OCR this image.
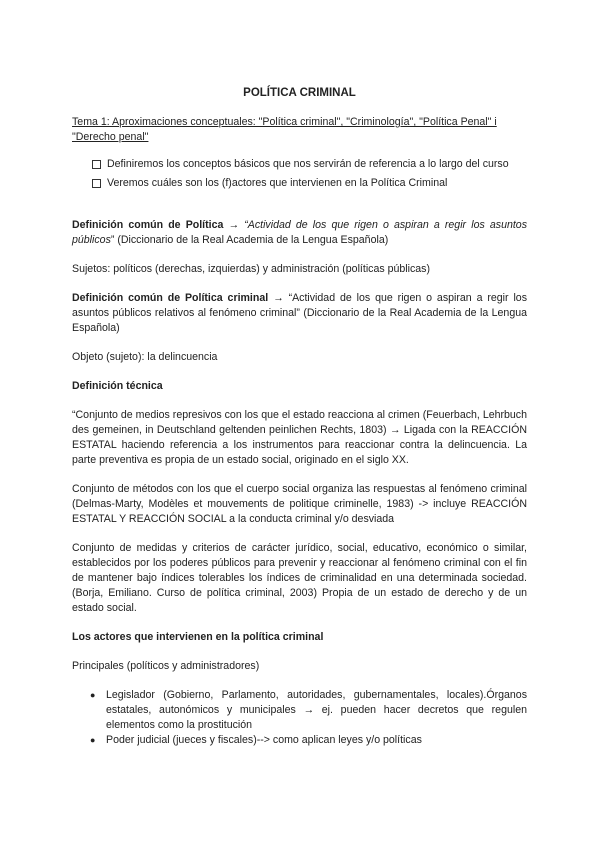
POLÍTICA CRIMINAL
Tema 1: Aproximaciones conceptuales: "Política criminal", "Criminología", "Política Penal" i "Derecho penal"
Definiremos los conceptos básicos que nos servirán de referencia a lo largo del curso
Veremos cuáles son los (f)actores que intervienen en la Política Criminal

Definición común de Política → “Actividad de los que rigen o aspiran a regir los asuntos públicos” (Diccionario de la Real Academia de la Lengua Española)

Sujetos: políticos (derechas, izquierdas) y administración (políticas públicas)

Definición común de Política criminal → “Actividad de los que rigen o aspiran a regir los asuntos públicos relativos al fenómeno criminal” (Diccionario de la Real Academia de la Lengua Española)

Objeto (sujeto): la delincuencia

Definición técnica

“Conjunto de medios represivos con los que el estado reacciona al crimen (Feuerbach, Lehrbuch des gemeinen, in Deutschland geltenden peinlichen Rechts, 1803) → Ligada con la REACCIÓN ESTATAL haciendo referencia a los instrumentos para reaccionar contra la delincuencia. La parte preventiva es propia de un estado social, originado en el siglo XX.

Conjunto de métodos con los que el cuerpo social organiza las respuestas al fenómeno criminal (Delmas-Marty, Modèles et mouvements de politique criminelle, 1983) -> incluye REACCIÓN ESTATAL Y REACCIÓN SOCIAL a la conducta criminal y/o desviada

Conjunto de medidas y criterios de carácter jurídico, social, educativo, económico o similar, establecidos por los poderes públicos para prevenir y reaccionar al fenómeno criminal con el fin de mantener bajo índices tolerables los índices de criminalidad en una determinada sociedad.(Borja, Emiliano. Curso de política criminal, 2003) Propia de un estado de derecho y de un estado social.

Los actores que intervienen en la política criminal

Principales (políticos y administradores)

● Legislador (Gobierno, Parlamento, autoridades, gubernamentales, locales).Órganos estatales, autonómicos y municipales → ej. pueden hacer decretos que regulen elementos como la prostitución
● Poder judicial (jueces y fiscales)--> como aplican leyes y/o políticas
